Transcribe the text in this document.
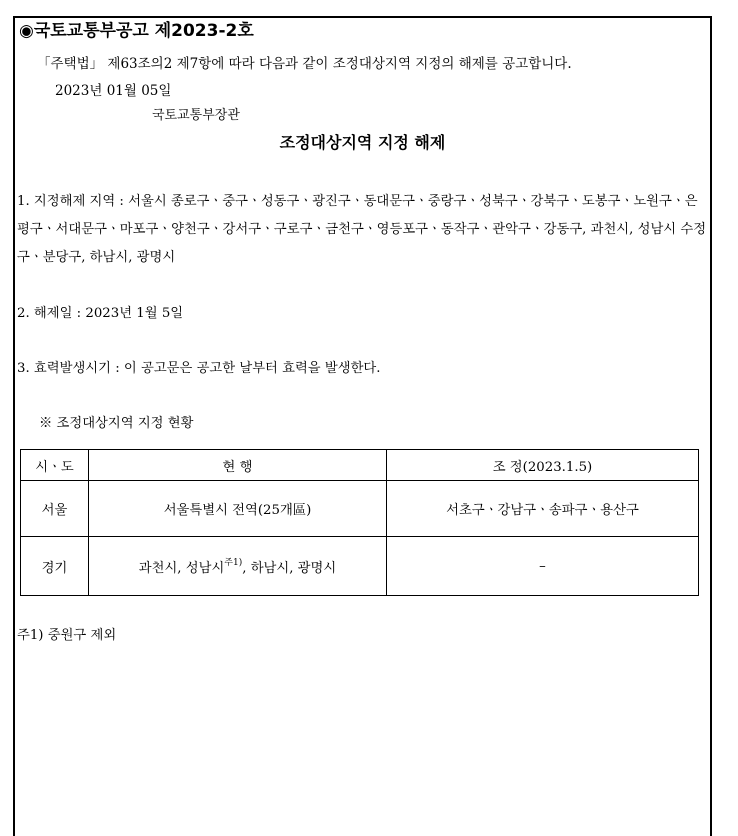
◉국토교통부공고 제2023-2호
「주택법」 제63조의2 제7항에 따라 다음과 같이 조정대상지역 지정의 해제를 공고합니다.
2023년 01월 05일
국토교통부장관
조정대상지역 지정 해제
1. 지정해제 지역 : 서울시 종로구ㆍ중구ㆍ성동구ㆍ광진구ㆍ동대문구ㆍ중랑구ㆍ성북구ㆍ강북구ㆍ도봉구ㆍ노원구ㆍ은평구ㆍ서대문구ㆍ마포구ㆍ양천구ㆍ강서구ㆍ구로구ㆍ금천구ㆍ영등포구ㆍ동작구ㆍ관악구ㆍ강동구, 과천시, 성남시 수정구ㆍ분당구, 하남시, 광명시
2. 해제일 : 2023년 1월 5일
3. 효력발생시기 : 이 공고문은 공고한 날부터 효력을 발생한다.
※ 조정대상지역 지정 현황
시ㆍ도	현 행	조 정(2023.1.5)
서울	서울특별시 전역(25개區)	서초구ㆍ강남구ㆍ송파구ㆍ용산구
경기	과천시, 성남시$^{주1)}$, 하남시, 광명시	–
주1) 중원구 제외
